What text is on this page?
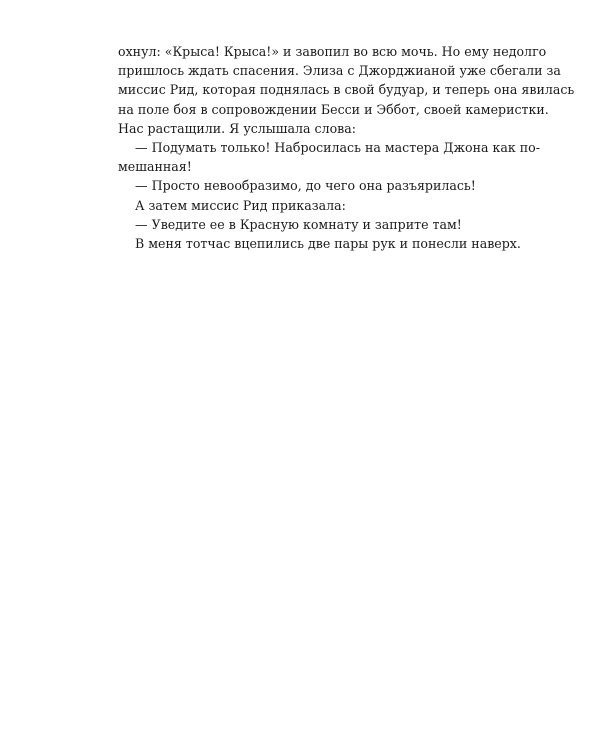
охнул: «Крыса! Крыса!» и завопил во всю мочь. Но ему недолго
пришлось ждать спасения. Элиза с Джорджианой уже сбегали за
миссис Рид, которая поднялась в свой будуар, и теперь она явилась
на поле боя в сопровождении Бесси и Эббот, своей камеристки.
Нас растащили. Я услышала слова:
— Подумать только! Набросилась на мастера Джона как по-
мешанная!
— Просто невообразимо, до чего она разъярилась!
А затем миссис Рид приказала:
— Уведите ее в Красную комнату и заприте там!
В меня тотчас вцепились две пары рук и понесли наверх.
